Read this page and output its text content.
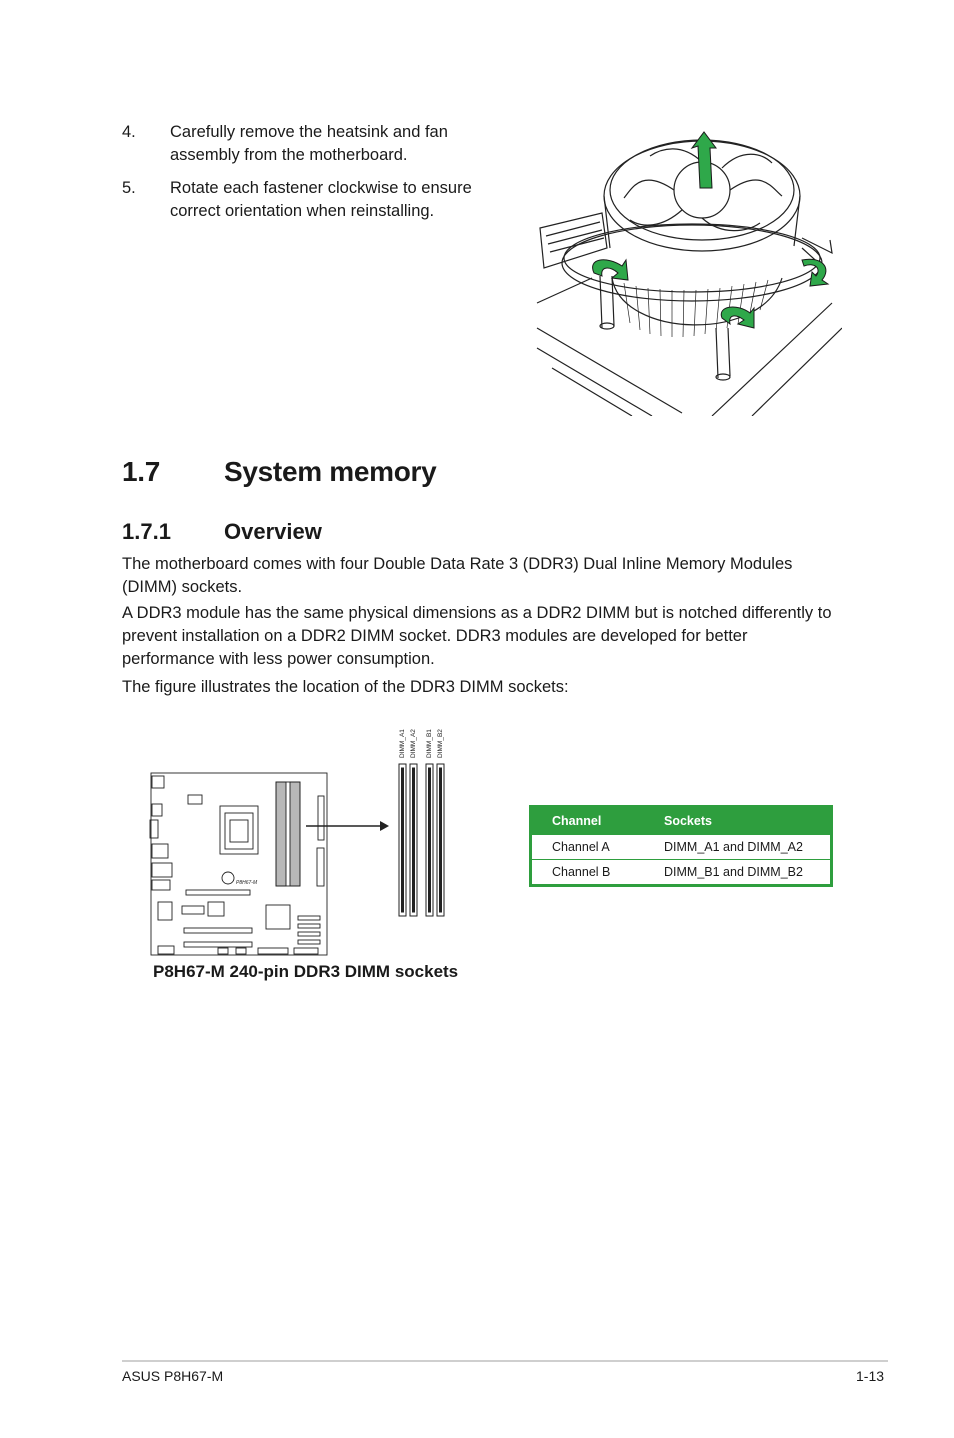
4. Carefully remove the heatsink and fan assembly from the motherboard.
5. Rotate each fastener clockwise to ensure correct orientation when reinstalling.
1.7 System memory
1.7.1 Overview

The motherboard comes with four Double Data Rate 3 (DDR3) Dual Inline Memory Modules (DIMM) sockets.

A DDR3 module has the same physical dimensions as a DDR2 DIMM but is notched differently to prevent installation on a DDR2 DIMM socket. DDR3 modules are developed for better performance with less power consumption.

The figure illustrates the location of the DDR3 DIMM sockets:

DIMM_A1 DIMM_A2 DIMM_B1 DIMM_B2
P8H67-M
P8H67-M 240-pin DDR3 DIMM sockets
Channel	Sockets
Channel A	DIMM_A1 and DIMM_A2
Channel B	DIMM_B1 and DIMM_B2
ASUS P8H67-M	1-13
